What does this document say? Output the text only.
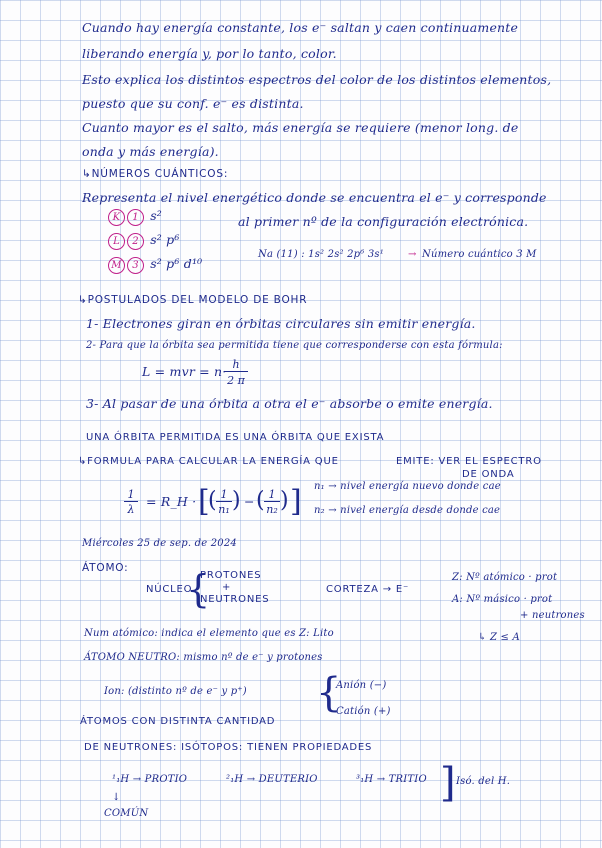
Cuando hay energía constante, los e⁻ saltan y caen continuamente
liberando energía y, por lo tanto, color.
Esto explica los distintos espectros del color de los distintos elementos,
puesto que su conf. e⁻ es distinta.
Cuanto mayor es el salto, más energía se requiere (menor long. de
onda y más energía).
↳NÚMEROS CUÁNTICOS:
Representa el nivel energético donde se encuentra el e⁻ y corresponde
al primer nº de la configuración electrónica.
K 1 s²
L 2 s² p⁶
M 3 s² p⁶ d¹⁰
Na (11) : 1s² 2s² 2p⁶ 3s¹ → Número cuántico 3 M
↳POSTULADOS DEL MODELO DE BOHR
1- Electrones giran en órbitas circulares sin emitir energía.
2- Para que la órbita sea permitida tiene que corresponderse con esta fórmula:
L = mvr = n· h
2 π
3- Al pasar de una órbita a otra el e⁻ absorbe o emite energía.
UNA ÓRBITA PERMITIDA ES UNA ÓRBITA QUE EXISTA
↳FORMULA PARA CALCULAR LA ENERGÍA QUE	EMITE: VER EL ESPECTRO
DE ONDA
1
λ
= R_H · [
( 1
n₁ ) − ( 1
n₂ ) ] n₁ → nivel energía nuevo donde cae
n₂ → nivel energía desde donde cae
Miércoles 25 de sep. de 2024
ÁTOMO:
NÚCLEO
{
PROTONES
+
NEUTRONES
CORTEZA → E⁻
Z: Nº atómico · prot
A: Nº másico · prot
+ neutrones
↳ Z ≤ A
Num atómico: indica el elemento que es Z: Lito
ÁTOMO NEUTRO: mismo nº de e⁻ y protones
Ion: (distinto nº de e⁻ y p⁺) {
Anión (−)
Catión (+)
ÁTOMOS CON DISTINTA CANTIDAD
DE NEUTRONES: ISÓTOPOS: TIENEN PROPIEDADES
¹₁H → PROTIO	²₁H → DEUTERIO	³₁H → TRITIO ] Isó. del H.
COMÚN
↓
